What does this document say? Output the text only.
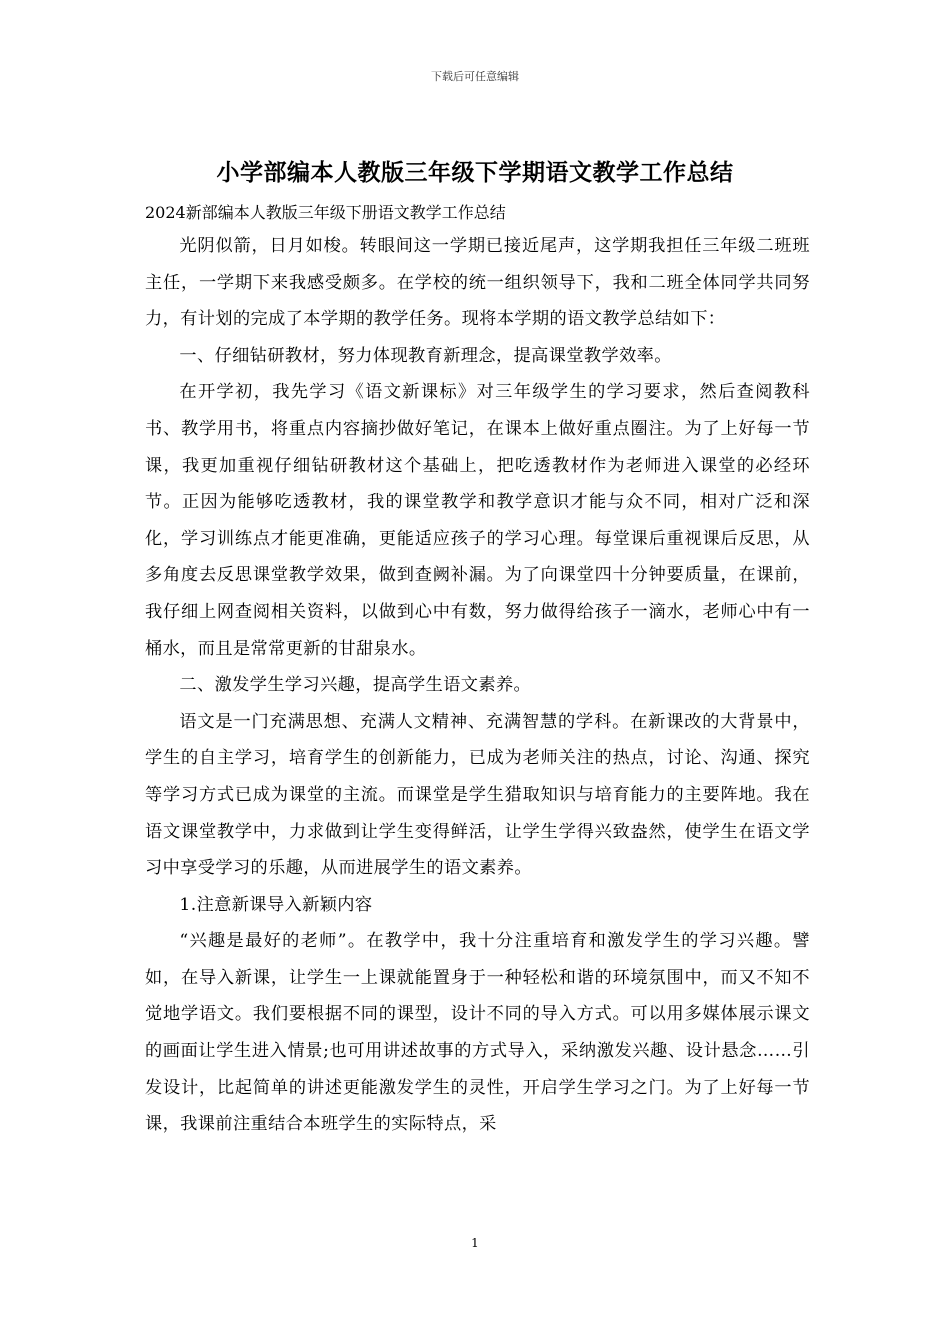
下载后可任意编辑
小学部编本人教版三年级下学期语文教学工作总结
2024新部编本人教版三年级下册语文教学工作总结

光阴似箭，日月如梭。转眼间这一学期已接近尾声，这学期我担任三年级二班班主任，一学期下来我感受颇多。在学校的统一组织领导下，我和二班全体同学共同努力，有计划的完成了本学期的教学任务。现将本学期的语文教学总结如下：

一、仔细钻研教材，努力体现教育新理念，提高课堂教学效率。

在开学初，我先学习《语文新课标》对三年级学生的学习要求，然后查阅教科书、教学用书，将重点内容摘抄做好笔记，在课本上做好重点圈注。为了上好每一节课，我更加重视仔细钻研教材这个基础上，把吃透教材作为老师进入课堂的必经环节。正因为能够吃透教材，我的课堂教学和教学意识才能与众不同，相对广泛和深化，学习训练点才能更准确，更能适应孩子的学习心理。每堂课后重视课后反思，从多角度去反思课堂教学效果，做到查阙补漏。为了向课堂四十分钟要质量，在课前，我仔细上网查阅相关资料，以做到心中有数，努力做得给孩子一滴水，老师心中有一桶水，而且是常常更新的甘甜泉水。

二、激发学生学习兴趣，提高学生语文素养。

语文是一门充满思想、充满人文精神、充满智慧的学科。在新课改的大背景中，学生的自主学习，培育学生的创新能力，已成为老师关注的热点，讨论、沟通、探究等学习方式已成为课堂的主流。而课堂是学生猎取知识与培育能力的主要阵地。我在语文课堂教学中，力求做到让学生变得鲜活，让学生学得兴致盎然，使学生在语文学习中享受学习的乐趣，从而进展学生的语文素养。

1.注意新课导入新颖内容

“兴趣是最好的老师”。在教学中，我十分注重培育和激发学生的学习兴趣。譬如，在导入新课，让学生一上课就能置身于一种轻松和谐的环境氛围中，而又不知不觉地学语文。我们要根据不同的课型，设计不同的导入方式。可以用多媒体展示课文的画面让学生进入情景;也可用讲述故事的方式导入，采纳激发兴趣、设计悬念……引发设计，比起简单的讲述更能激发学生的灵性，开启学生学习之门。为了上好每一节课，我课前注重结合本班学生的实际特点，采

1
